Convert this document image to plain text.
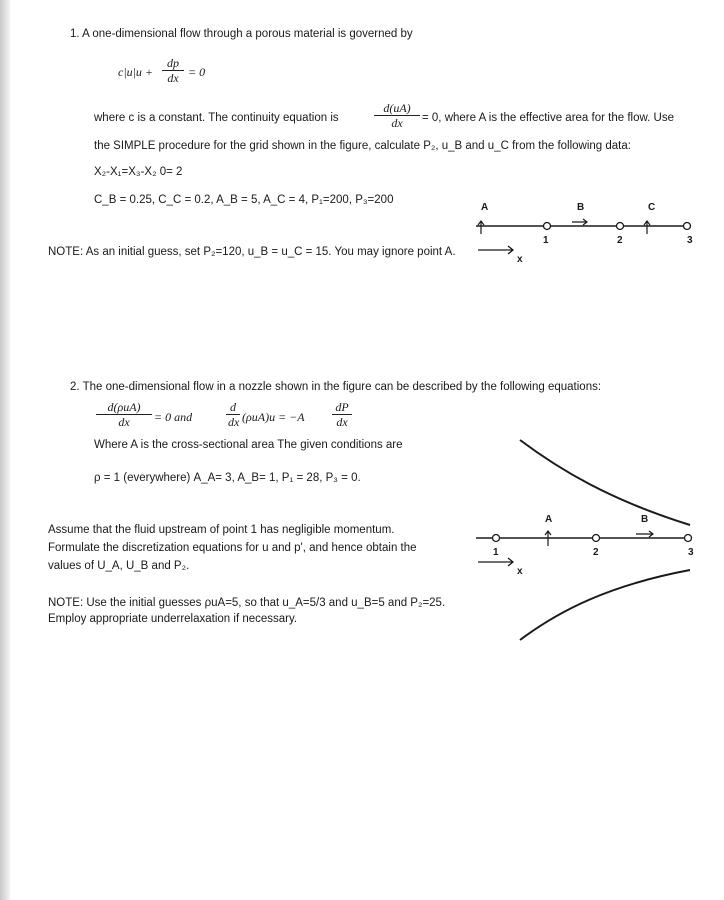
1. A one-dimensional flow through a porous material is governed by
$c|u|u + \frac{dp}{dx} = 0$
where c is a constant. The continuity equation is	$\frac{d(uA)}{dx} = 0$, where A is the effective area for the flow. Use
the SIMPLE procedure for the grid shown in the figure, calculate P₂, u_B and u_C from the following data:
X₂-X₁=X₃-X₂ 0= 2
C_B = 0.25, C_C = 0.2, A_B = 5, A_C = 4, P₁=200, P₃=200
NOTE: As an initial guess, set P₂=120, u_B = u_C = 15. You may ignore point A.
2. The one-dimensional flow in a nozzle shown in the figure can be described by the following equations:
d(ρuA)
dx	= 0 and	$\frac{d}{dx} (\rho uA)u = -A \frac{dP}{dx}$
Where A is the cross-sectional area The given conditions are
ρ = 1 (everywhere) A_A= 3, A_B= 1, P₁ = 28, P₃ = 0.
Assume that the fluid upstream of point 1 has negligible momentum.
Formulate the discretization equations for u and p', and hence obtain the
values of U_A, U_B and P₂.
NOTE: Use the initial guesses ρuA=5, so that u_A=5/3 and u_B=5 and P₂=25.
Employ appropriate underrelaxation if necessary.
A	B	C
1	2	3
x
A	B
1	2	3
x
